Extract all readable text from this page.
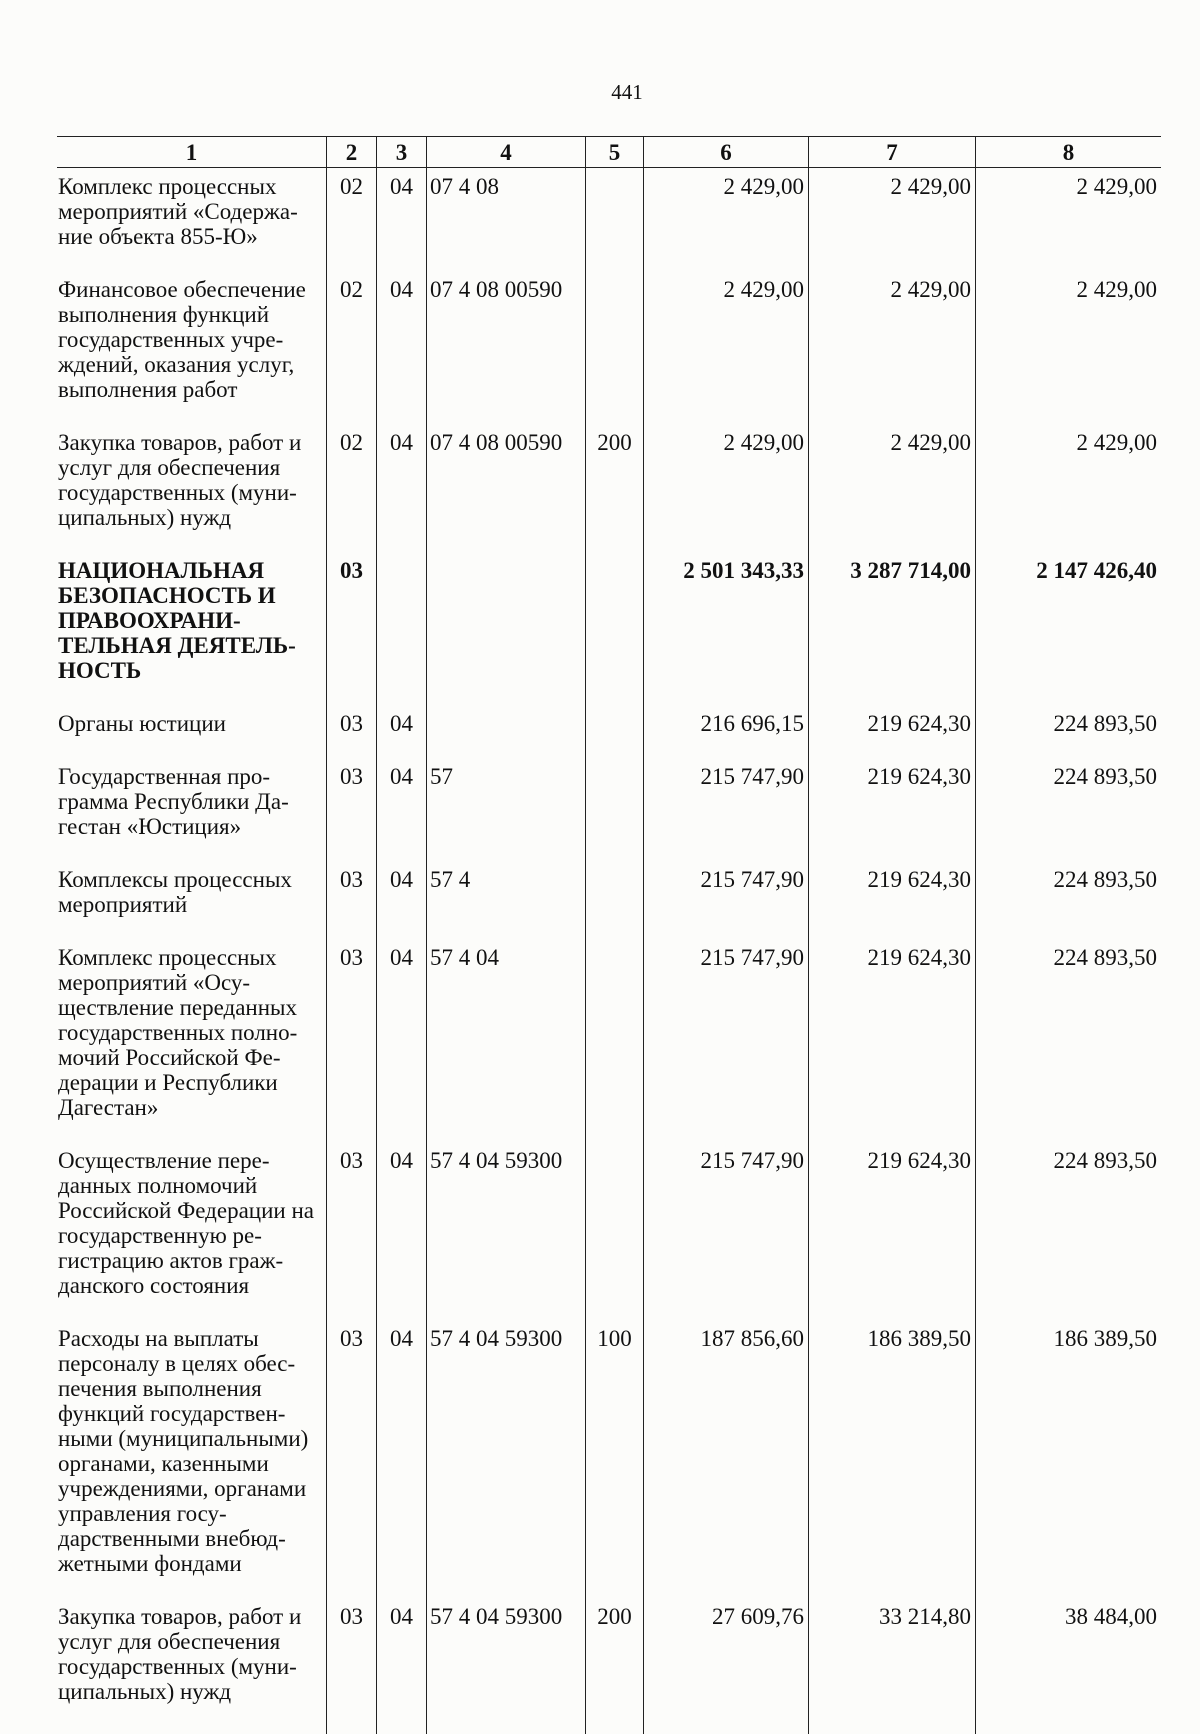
441
1	2	3	4	5	6	7	8
Комплекс процессных мероприятий «Содержание объекта 855-Ю»	02	04	07 4 08		2 429,00	2 429,00	2 429,00
Финансовое обеспечение выполнения функций государственных учреждений, оказания услуг, выполнения работ	02	04	07 4 08 00590		2 429,00	2 429,00	2 429,00
Закупка товаров, работ и услуг для обеспечения государственных (муниципальных) нужд	02	04	07 4 08 00590	200	2 429,00	2 429,00	2 429,00
НАЦИОНАЛЬНАЯ БЕЗОПАСНОСТЬ И ПРАВООХРАНИТЕЛЬНАЯ ДЕЯТЕЛЬНОСТЬ	03				2 501 343,33	3 287 714,00	2 147 426,40
Органы юстиции	03	04			216 696,15	219 624,30	224 893,50
Государственная программа Республики Дагестан «Юстиция»	03	04	57		215 747,90	219 624,30	224 893,50
Комплексы процессных мероприятий	03	04	57 4		215 747,90	219 624,30	224 893,50
Комплекс процессных мероприятий «Осуществление переданных государственных полномочий Российской Федерации и Республики Дагестан»	03	04	57 4 04		215 747,90	219 624,30	224 893,50
Осуществление переданных полномочий Российской Федерации на государственную регистрацию актов гражданского состояния	03	04	57 4 04 59300		215 747,90	219 624,30	224 893,50
Расходы на выплаты персоналу в целях обеспечения выполнения функций государственными (муниципальными) органами, казенными учреждениями, органами управления государственными внебюджетными фондами	03	04	57 4 04 59300	100	187 856,60	186 389,50	186 389,50
Закупка товаров, работ и услуг для обеспечения государственных (муниципальных) нужд	03	04	57 4 04 59300	200	27 609,76	33 214,80	38 484,00
